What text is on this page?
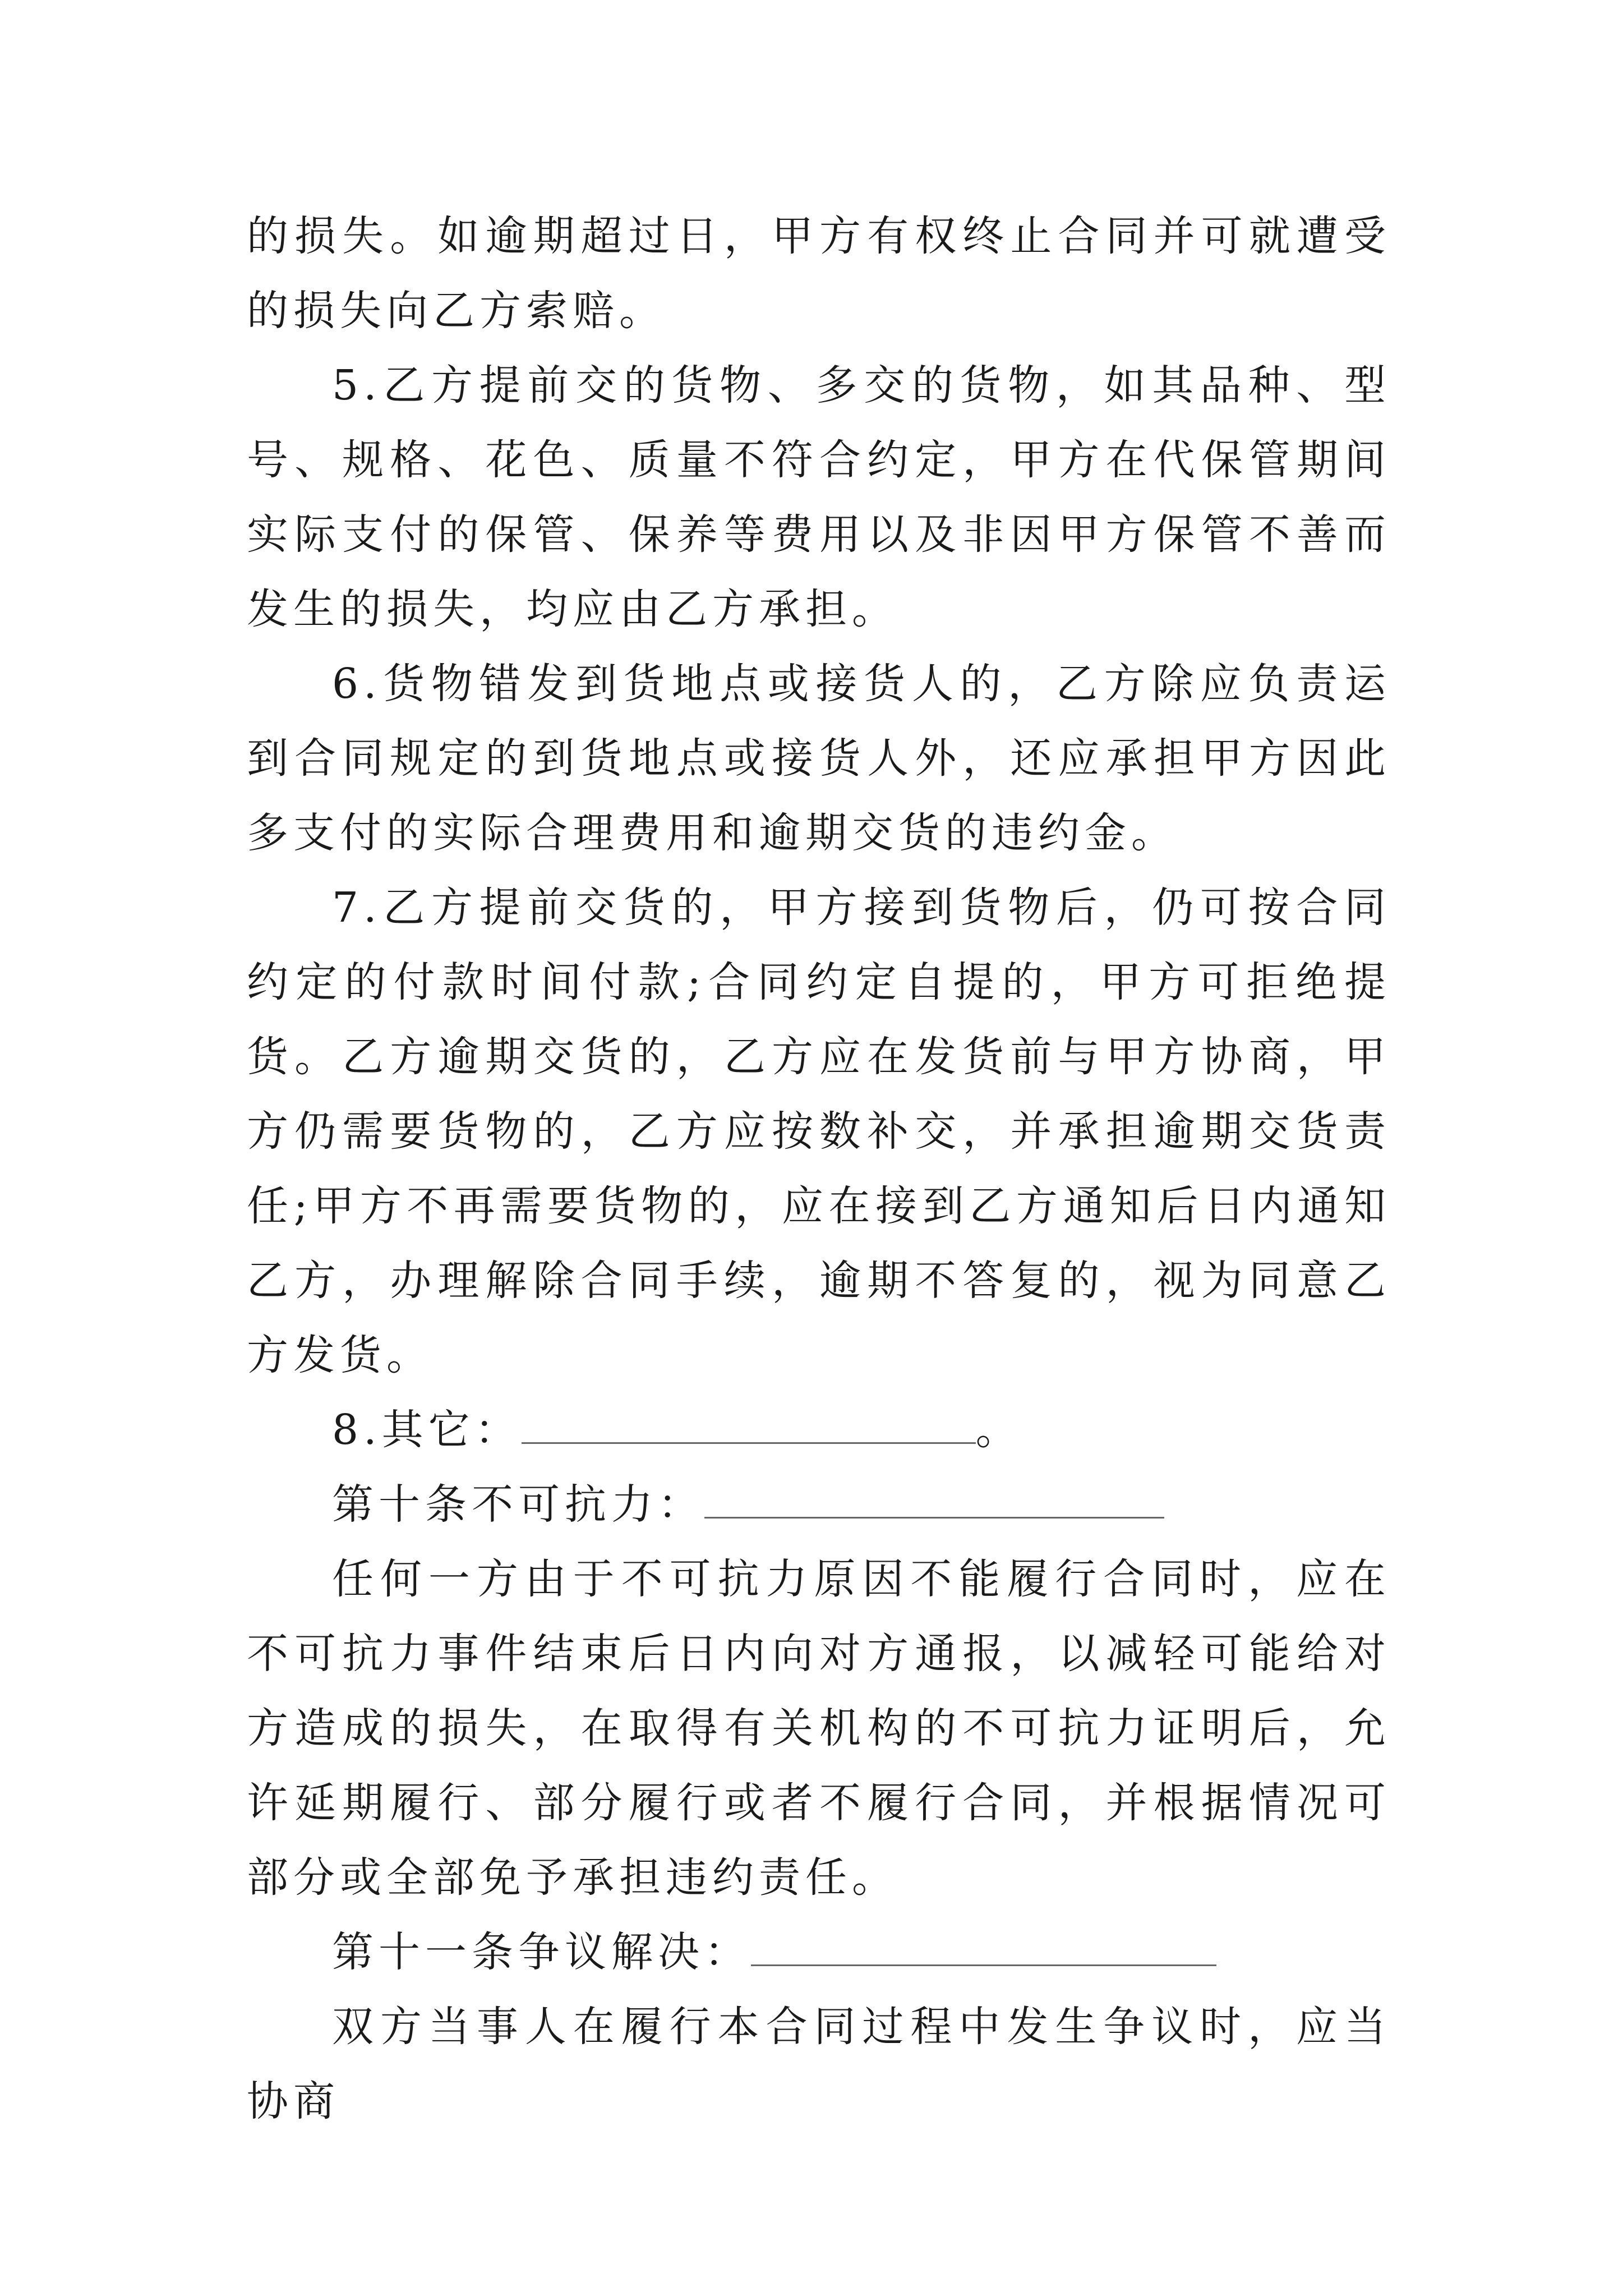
的损失。如逾期超过日，甲方有权终止合同并可就遭受的损失向乙方索赔。

5.乙方提前交的货物、多交的货物，如其品种、型号、规格、花色、质量不符合约定，甲方在代保管期间实际支付的保管、保养等费用以及非因甲方保管不善而发生的损失，均应由乙方承担。

6.货物错发到货地点或接货人的，乙方除应负责运到合同规定的到货地点或接货人外，还应承担甲方因此多支付的实际合理费用和逾期交货的违约金。

7.乙方提前交货的，甲方接到货物后，仍可按合同约定的付款时间付款;合同约定自提的，甲方可拒绝提货。乙方逾期交货的，乙方应在发货前与甲方协商，甲方仍需要货物的，乙方应按数补交，并承担逾期交货责任;甲方不再需要货物的，应在接到乙方通知后日内通知乙方，办理解除合同手续，逾期不答复的，视为同意乙方发货。

8.其它：	。

第十条不可抗力：

任何一方由于不可抗力原因不能履行合同时，应在不可抗力事件结束后日内向对方通报，以减轻可能给对方造成的损失，在取得有关机构的不可抗力证明后，允许延期履行、部分履行或者不履行合同，并根据情况可部分或全部免予承担违约责任。

第十一条争议解决：

双方当事人在履行本合同过程中发生争议时，应当协商
